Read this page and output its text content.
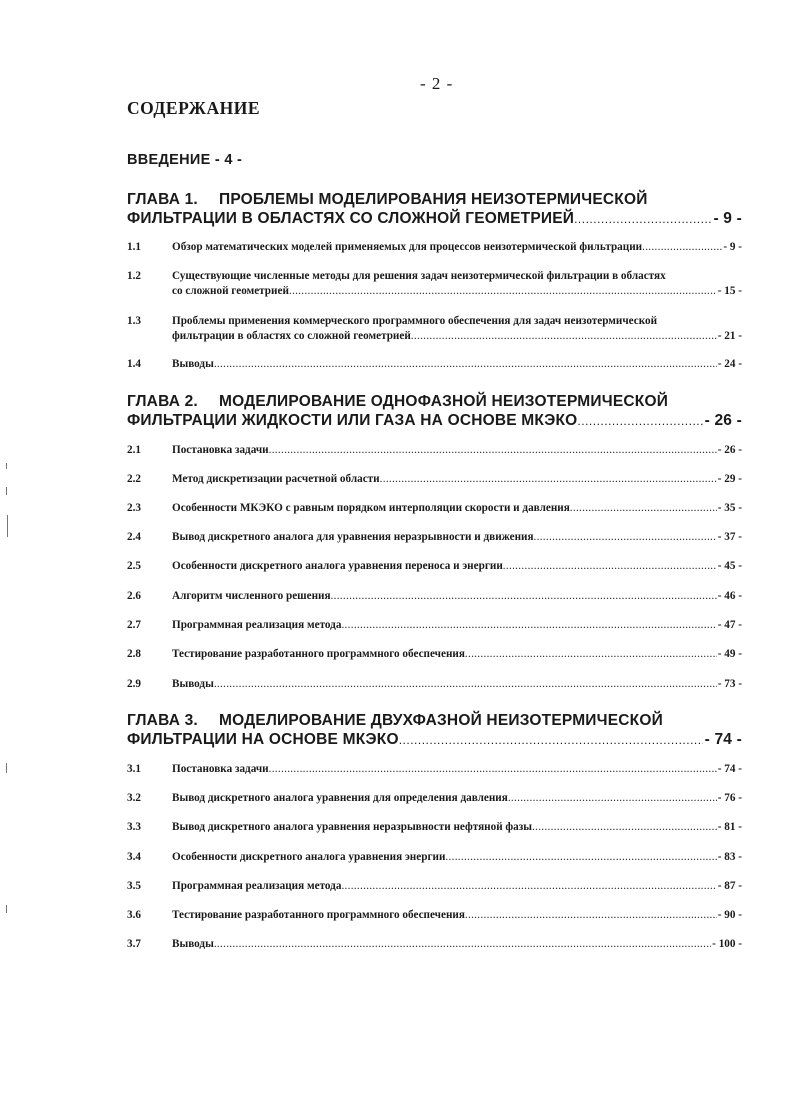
- 2 -
СОДЕРЖАНИЕ
ВВЕДЕНИЕ - 4 -
ГЛАВА 1.	ПРОБЛЕМЫ МОДЕЛИРОВАНИЯ НЕИЗОТЕРМИЧЕСКОЙ
ФИЛЬТРАЦИИ В ОБЛАСТЯХ СО СЛОЖНОЙ ГЕОМЕТРИЕЙ .....	- 9 -
1.1	Обзор математических моделей применяемых для процессов неизотермической фильтрации .....	- 9 -
1.2	Существующие численные методы для решения задач неизотермической фильтрации в областях
со сложной геометрией .....	- 15 -
1.3	Проблемы применения коммерческого программного обеспечения для задач неизотермической
фильтрации в областях со сложной геометрией .....	- 21 -
1.4	Выводы .....	- 24 -
ГЛАВА 2.	МОДЕЛИРОВАНИЕ ОДНОФАЗНОЙ НЕИЗОТЕРМИЧЕСКОЙ
ФИЛЬТРАЦИИ ЖИДКОСТИ ИЛИ ГАЗА НА ОСНОВЕ МКЭКО .....	- 26 -
2.1	Постановка задачи .....	- 26 -
2.2	Метод дискретизации расчетной области .....	- 29 -
2.3	Особенности МКЭКО с равным порядком интерполяции скорости и давления .....	- 35 -
2.4	Вывод дискретного аналога для уравнения неразрывности и движения .....	- 37 -
2.5	Особенности дискретного аналога уравнения переноса и энергии .....	- 45 -
2.6	Алгоритм численного решения .....	- 46 -
2.7	Программная реализация метода .....	- 47 -
2.8	Тестирование разработанного программного обеспечения .....	- 49 -
2.9	Выводы .....	- 73 -
ГЛАВА 3.	МОДЕЛИРОВАНИЕ ДВУХФАЗНОЙ НЕИЗОТЕРМИЧЕСКОЙ
ФИЛЬТРАЦИИ НА ОСНОВЕ МКЭКО .....	- 74 -
3.1	Постановка задачи .....	- 74 -
3.2	Вывод дискретного аналога уравнения для определения давления .....	- 76 -
3.3	Вывод дискретного аналога уравнения неразрывности нефтяной фазы .....	- 81 -
3.4	Особенности дискретного аналога уравнения энергии .....	- 83 -
3.5	Программная реализация метода .....	- 87 -
3.6	Тестирование разработанного программного обеспечения .....	- 90 -
3.7	Выводы .....	- 100 -
